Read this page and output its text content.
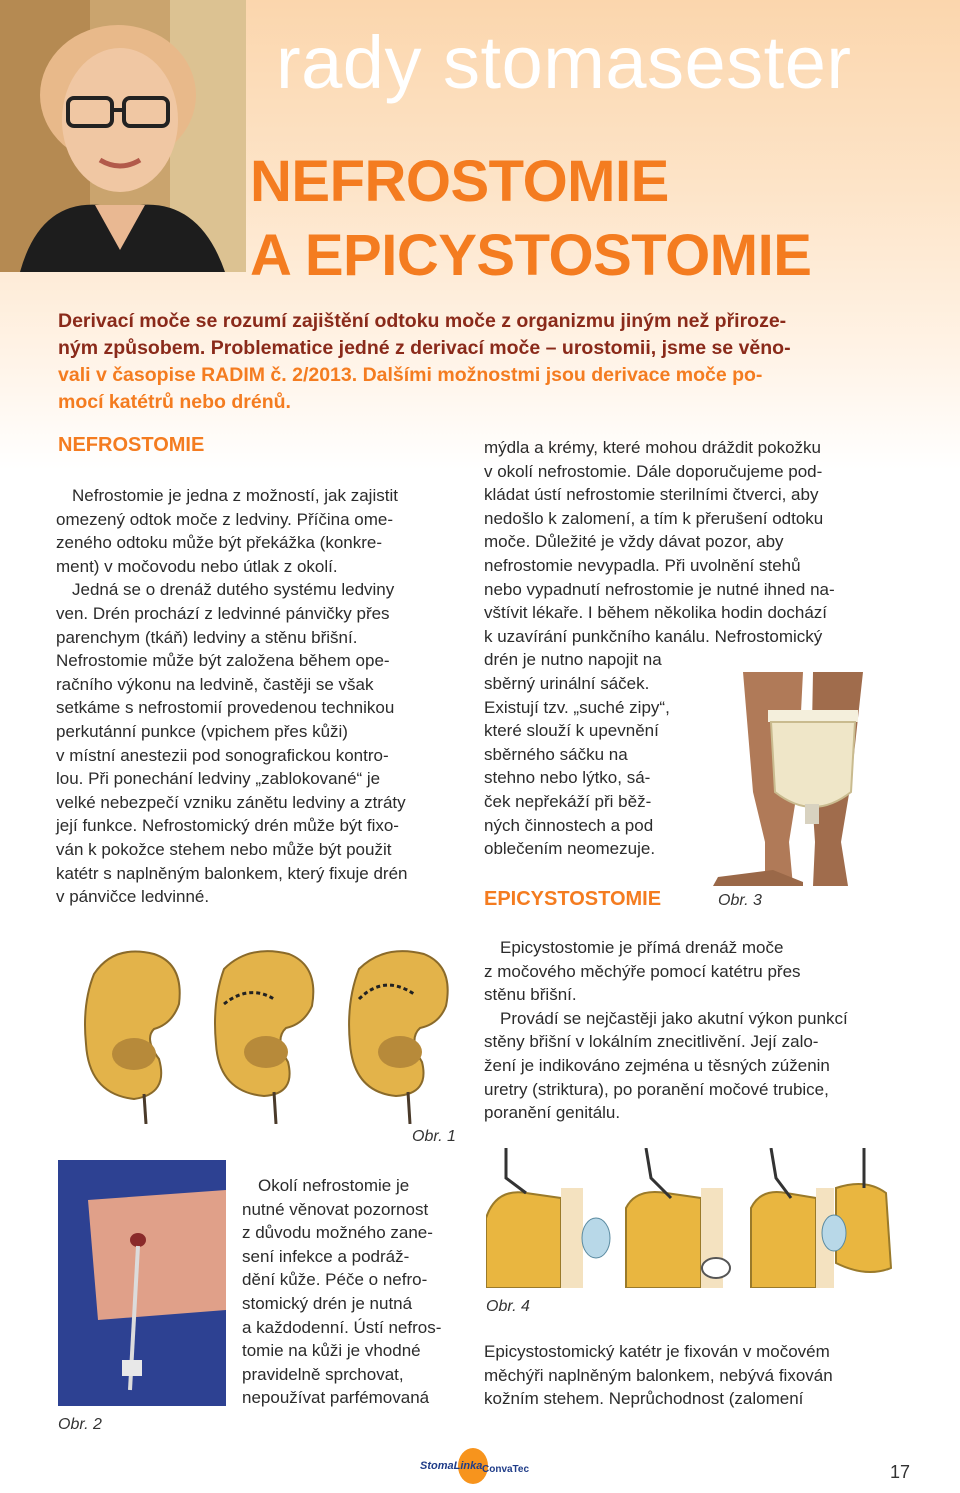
rady stomasester
NEFROSTOMIE
A EPICYSTOSTOMIE
Derivací moče se rozumí zajištění odtoku moče z organizmu jiným než přiroze-
ným způsobem. Problematice jedné z derivací moče – urostomii, jsme se věno-
vali v časopise RADIM č. 2/2013. Dalšími možnostmi jsou derivace moče po-
mocí katétrů nebo drénů.
NEFROSTOMIE
Nefrostomie je jedna z možností, jak zajistit
omezený odtok moče z ledviny. Příčina ome-
zeného odtoku může být překážka (konkre-
ment) v močovodu nebo útlak z okolí.
Jedná se o drenáž dutého systému ledviny
ven. Drén prochází z ledvinné pánvičky přes
parenchym (tkáň) ledviny a stěnu břišní.
Nefrostomie může být založena během ope-
račního výkonu na ledvině, častěji se však
setkáme s nefrostomií provedenou technikou
perkutánní punkce (vpichem přes kůži)
v místní anestezii pod sonografickou kontro-
lou. Při ponechání ledviny „zablokované“ je
velké nebezpečí vzniku zánětu ledviny a ztráty
její funkce. Nefrostomický drén může být fixo-
ván k pokožce stehem nebo může být použit
katétr s naplněným balonkem, který fixuje drén
v pánvičce ledvinné.
mýdla a krémy, které mohou dráždit pokožku
v okolí nefrostomie. Dále doporučujeme pod-
kládat ústí nefrostomie sterilními čtverci, aby
nedošlo k zalomení, a tím k přerušení odtoku
moče. Důležité je vždy dávat pozor, aby
nefrostomie nevypadla. Při uvolnění stehů
nebo vypadnutí nefrostomie je nutné ihned na-
vštívit lékaře. I během několika hodin dochází
k uzavírání punkčního kanálu. Nefrostomický
drén je nutno napojit na
sběrný urinální sáček.
Existují tzv. „suché zipy“,
které slouží k upevnění
sběrného sáčku na
stehno nebo lýtko, sá-
ček nepřekáží při běž-
ných činnostech a pod
oblečením neomezuje.
Obr. 3
EPICYSTOSTOMIE
Epicystostomie je přímá drenáž moče
z močového měchýře pomocí katétru přes
stěnu břišní.
Provádí se nejčastěji jako akutní výkon punkcí
stěny břišní v lokálním znecitlivění. Její zalo-
žení je indikováno zejména u těsných zúženin
uretry (striktura), po poranění močové trubice,
poranění genitálu.
Obr. 1
Obr. 2
Okolí nefrostomie je
nutné věnovat pozornost
z důvodu možného zane-
sení infekce a podráž-
dění kůže. Péče o nefro-
stomický drén je nutná
a každodenní. Ústí nefros-
tomie na kůži je vhodné
pravidelně sprchovat,
nepoužívat parfémovaná
Obr. 4
Epicystostomický katétr je fixován v močovém
měchýři naplněným balonkem, nebývá fixován
kožním stehem. Neprůchodnost (zalomení
StomaLinka ConvaTec	17
